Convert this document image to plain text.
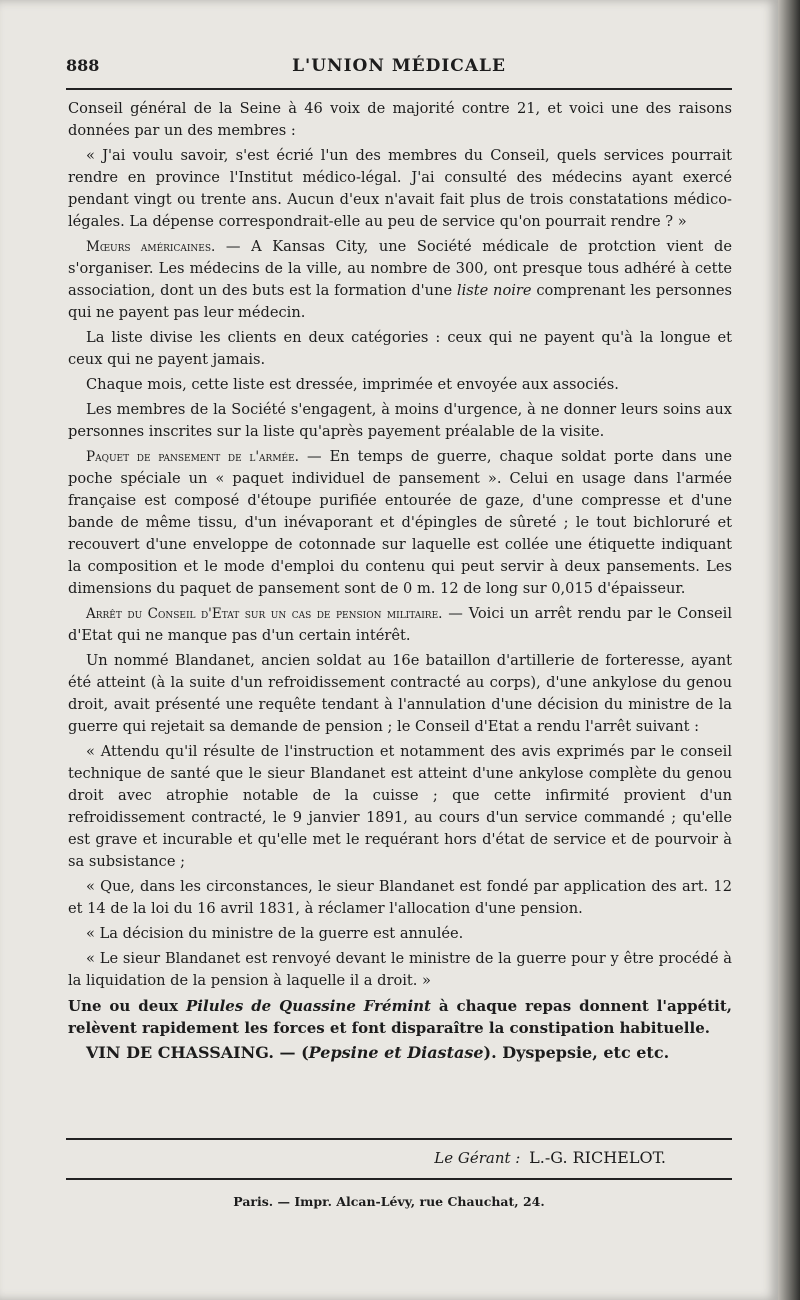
888	L'UNION MÉDICALE

Conseil général de la Seine à 46 voix de majorité contre 21, et voici une des raisons données par un des membres :

« J'ai voulu savoir, s'est écrié l'un des membres du Conseil, quels services pourrait rendre en province l'Institut médico-légal. J'ai consulté des médecins ayant exercé pendant vingt ou trente ans. Aucun d'eux n'avait fait plus de trois constatations médico-légales. La dépense correspondrait-elle au peu de service qu'on pourrait rendre ? »

Mœurs américaines. — A Kansas City, une Société médicale de protction vient de s'organiser. Les médecins de la ville, au nombre de 300, ont presque tous adhéré à cette association, dont un des buts est la formation d'une liste noire comprenant les personnes qui ne payent pas leur médecin.

La liste divise les clients en deux catégories : ceux qui ne payent qu'à la longue et ceux qui ne payent jamais.

Chaque mois, cette liste est dressée, imprimée et envoyée aux associés.

Les membres de la Société s'engagent, à moins d'urgence, à ne donner leurs soins aux personnes inscrites sur la liste qu'après payement préalable de la visite.

Paquet de pansement de l'armée. — En temps de guerre, chaque soldat porte dans une poche spéciale un « paquet individuel de pansement ». Celui en usage dans l'armée française est composé d'étoupe purifiée entourée de gaze, d'une compresse et d'une bande de même tissu, d'un inévaporant et d'épingles de sûreté ; le tout bichloruré et recouvert d'une enveloppe de cotonnade sur laquelle est collée une étiquette indiquant la composition et le mode d'emploi du contenu qui peut servir à deux pansements. Les dimensions du paquet de pansement sont de 0 m. 12 de long sur 0,015 d'épaisseur.

Arrêt du Conseil d'Etat sur un cas de pension militaire. — Voici un arrêt rendu par le Conseil d'Etat qui ne manque pas d'un certain intérêt.

Un nommé Blandanet, ancien soldat au 16e bataillon d'artillerie de forteresse, ayant été atteint (à la suite d'un refroidissement contracté au corps), d'une ankylose du genou droit, avait présenté une requête tendant à l'annulation d'une décision du ministre de la guerre qui rejetait sa demande de pension ; le Conseil d'Etat a rendu l'arrêt suivant :

« Attendu qu'il résulte de l'instruction et notamment des avis exprimés par le conseil technique de santé que le sieur Blandanet est atteint d'une ankylose complète du genou droit avec atrophie notable de la cuisse ; que cette infirmité provient d'un refroidissement contracté, le 9 janvier 1891, au cours d'un service commandé ; qu'elle est grave et incurable et qu'elle met le requérant hors d'état de service et de pourvoir à sa subsistance ;

« Que, dans les circonstances, le sieur Blandanet est fondé par application des art. 12 et 14 de la loi du 16 avril 1831, à réclamer l'allocation d'une pension.

« La décision du ministre de la guerre est annulée.

« Le sieur Blandanet est renvoyé devant le ministre de la guerre pour y être procédé à la liquidation de la pension à laquelle il a droit. »

Une ou deux Pilules de Quassine Frémint à chaque repas donnent l'appétit, relèvent rapidement les forces et font disparaître la constipation habituelle.

VIN DE CHASSAING. — (Pepsine et Diastase). Dyspepsie, etc etc.

Le Gérant : L.-G. RICHELOT.
Paris. — Impr. Alcan-Lévy, rue Chauchat, 24.
